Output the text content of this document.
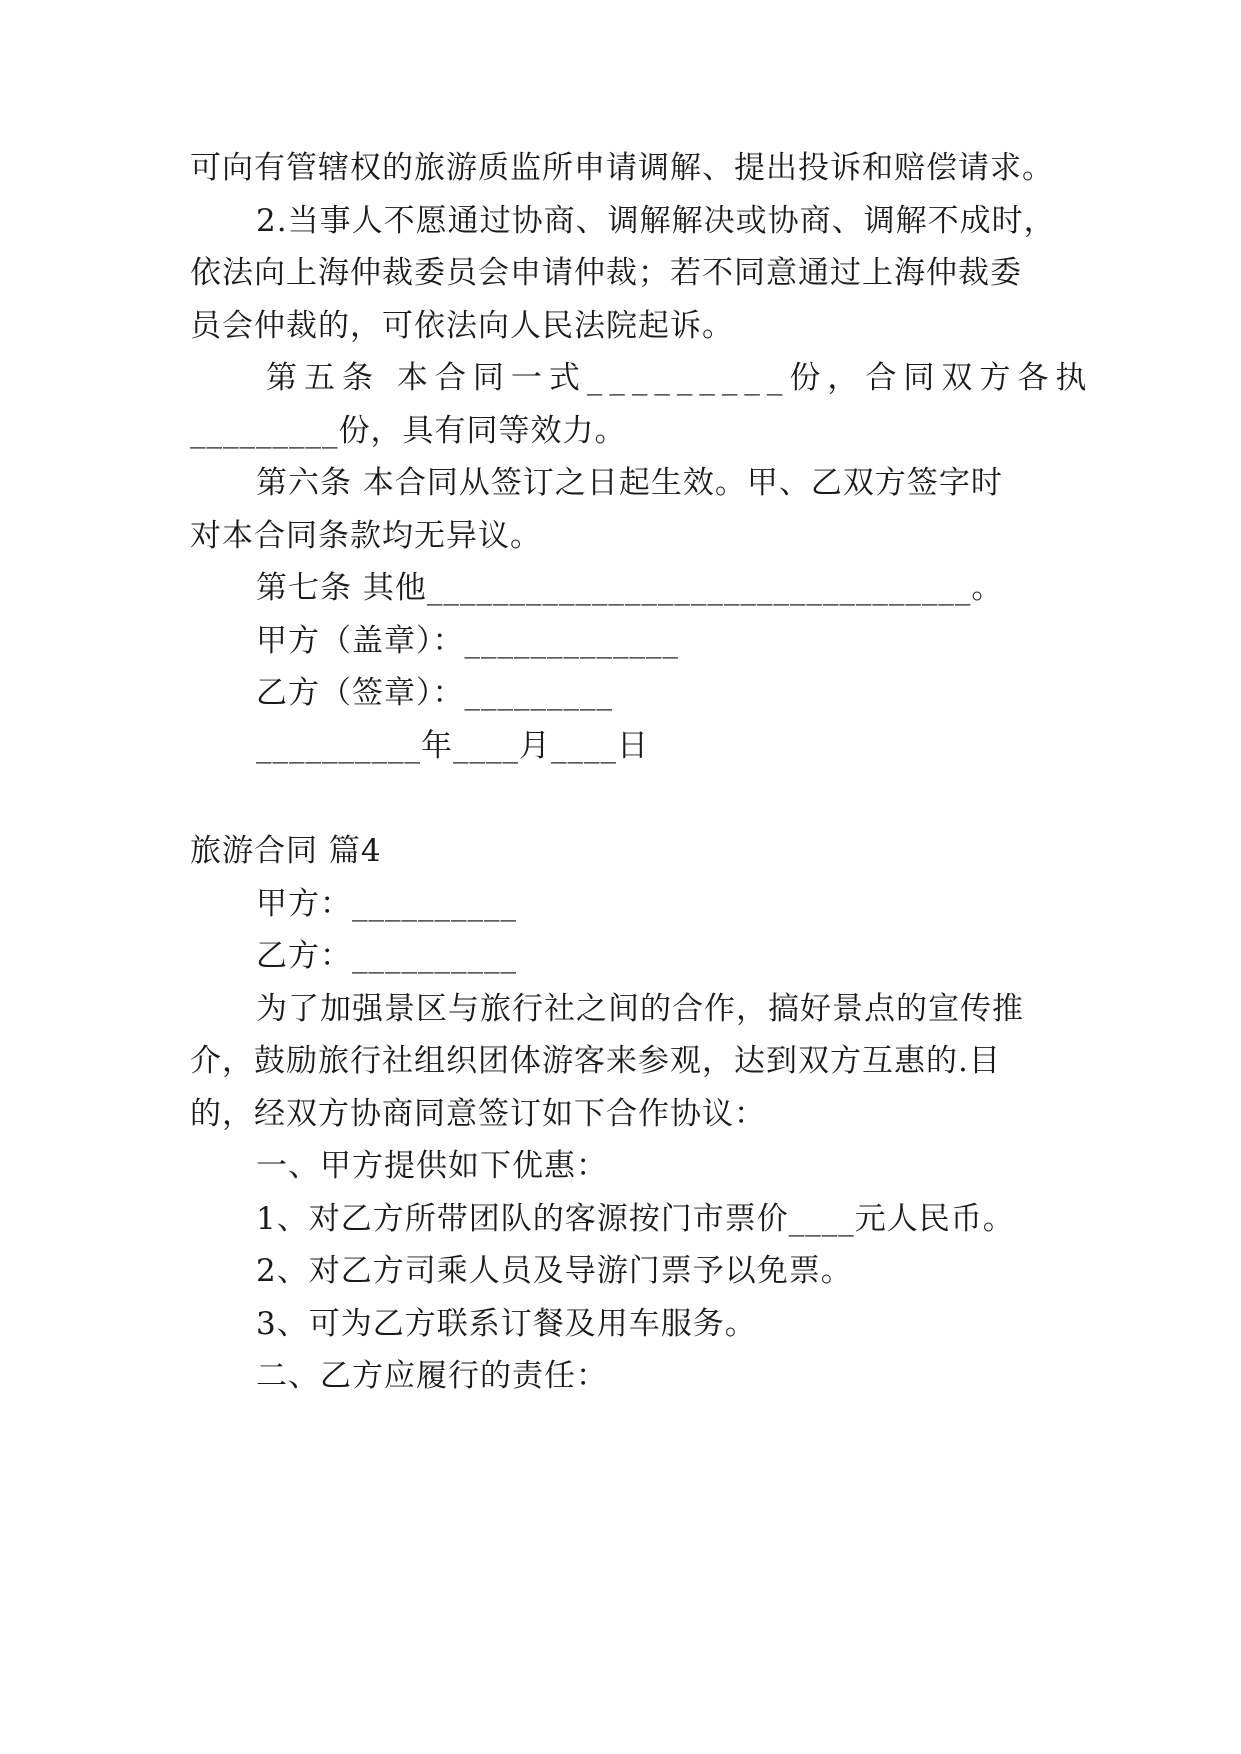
可向有管辖权的旅游质监所申请调解、提出投诉和赔偿请求。
2.当事人不愿通过协商、调解解决或协商、调解不成时，
依法向上海仲裁委员会申请仲裁；若不同意通过上海仲裁委
员会仲裁的，可依法向人民法院起诉。
第五条 本合同一式_________份，合同双方各执
_________份，具有同等效力。
第六条 本合同从签订之日起生效。甲、乙双方签字时
对本合同条款均无异议。
第七条 其他_________________________________。
甲方（盖章）：_____________
乙方（签章）：_________
__________年____月____日
旅游合同 篇4
甲方：__________
乙方：__________
为了加强景区与旅行社之间的合作，搞好景点的宣传推
介，鼓励旅行社组织团体游客来参观，达到双方互惠的.目
的，经双方协商同意签订如下合作协议：
一、甲方提供如下优惠：
1、对乙方所带团队的客源按门市票价____元人民币。
2、对乙方司乘人员及导游门票予以免票。
3、可为乙方联系订餐及用车服务。
二、乙方应履行的责任：
